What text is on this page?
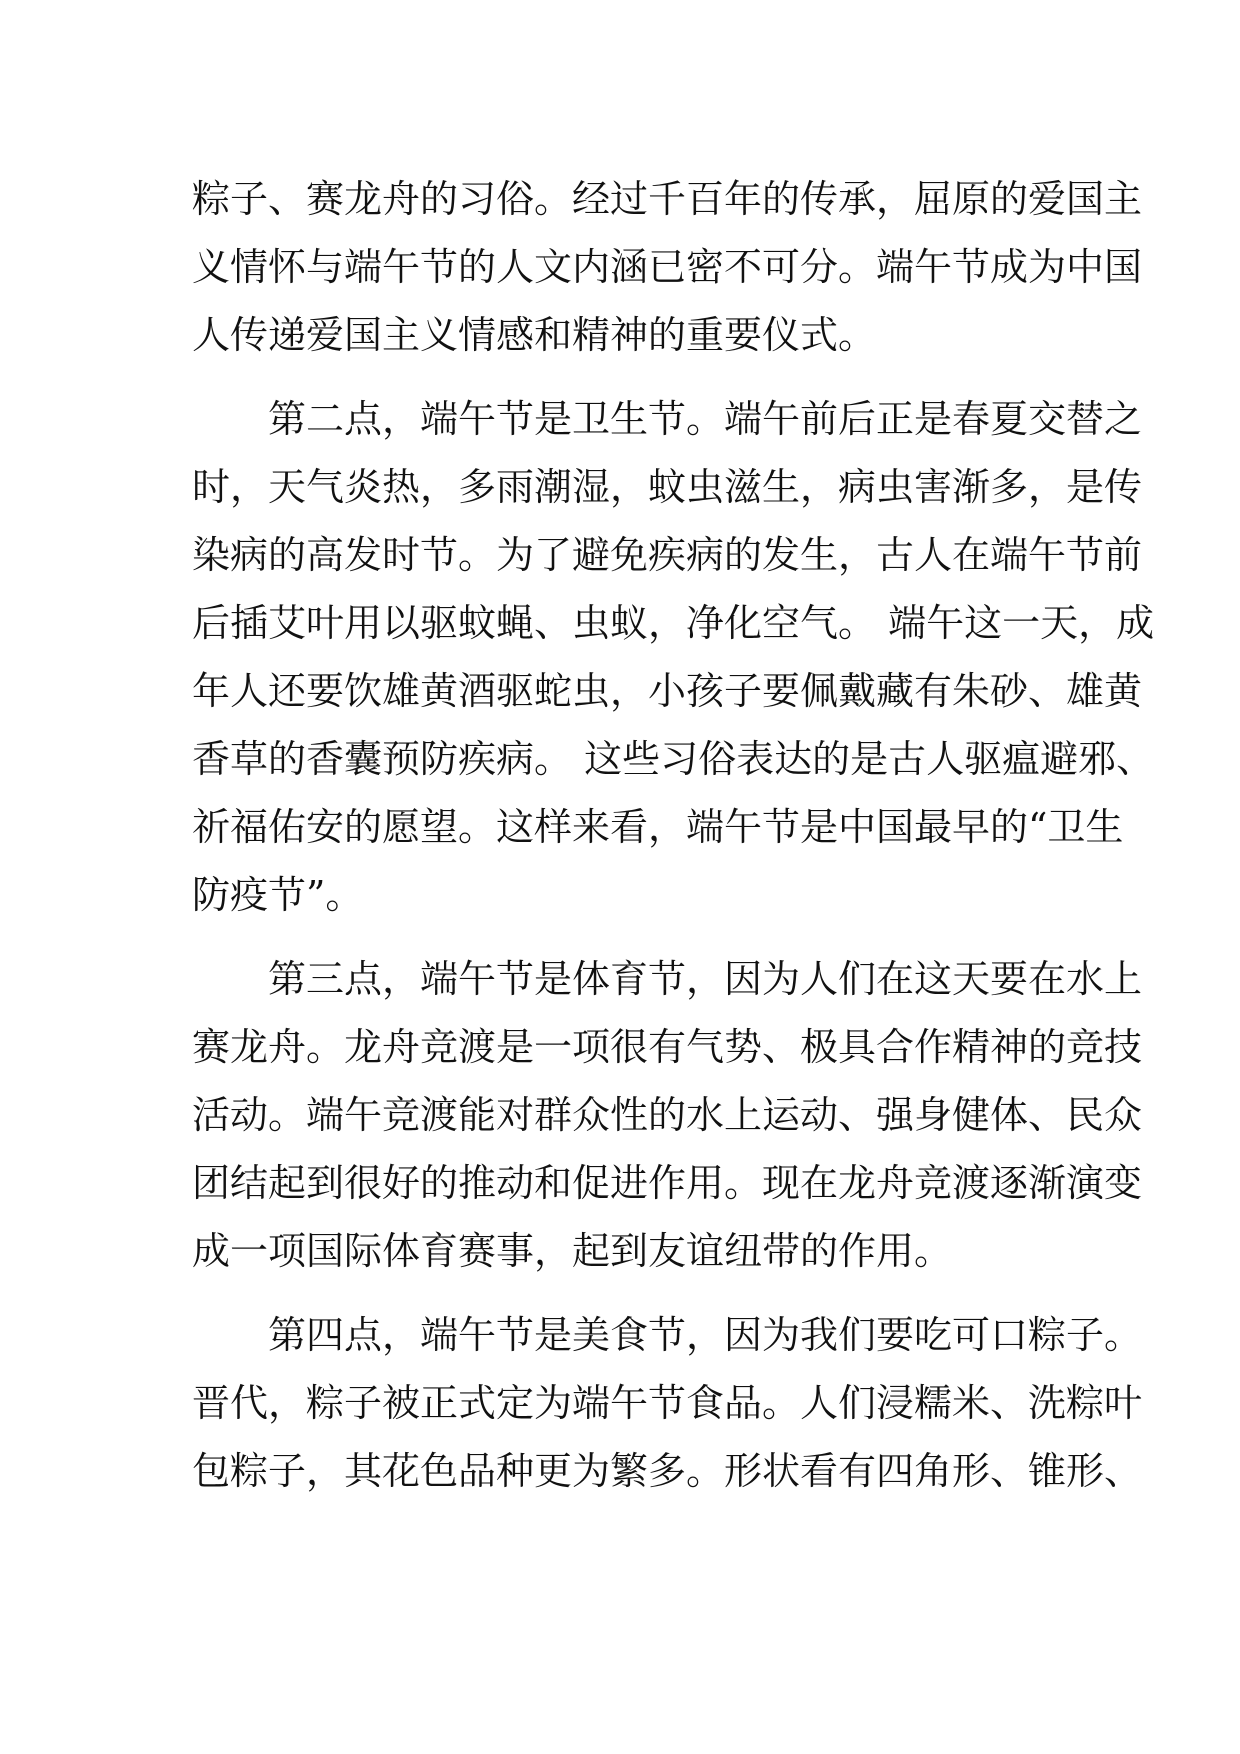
粽子、赛龙舟的习俗。经过千百年的传承，屈原的爱国主
义情怀与端午节的人文内涵已密不可分。端午节成为中国
人传递爱国主义情感和精神的重要仪式。
　　第二点，端午节是卫生节。端午前后正是春夏交替之
时，天气炎热，多雨潮湿，蚊虫滋生，病虫害渐多，是传
染病的高发时节。为了避免疾病的发生，古人在端午节前
后插艾叶用以驱蚊蝇、虫蚁，净化空气。 端午这一天，成
年人还要饮雄黄酒驱蛇虫，小孩子要佩戴藏有朱砂、雄黄
香草的香囊预防疾病。 这些习俗表达的是古人驱瘟避邪、
祈福佑安的愿望。这样来看，端午节是中国最早的“卫生
防疫节”。
　　第三点，端午节是体育节，因为人们在这天要在水上
赛龙舟。龙舟竞渡是一项很有气势、极具合作精神的竞技
活动。端午竞渡能对群众性的水上运动、强身健体、民众
团结起到很好的推动和促进作用。现在龙舟竞渡逐渐演变
成一项国际体育赛事，起到友谊纽带的作用。
　　第四点，端午节是美食节，因为我们要吃可口粽子。
晋代，粽子被正式定为端午节食品。人们浸糯米、洗粽叶
包粽子，其花色品种更为繁多。形状看有四角形、锥形、
